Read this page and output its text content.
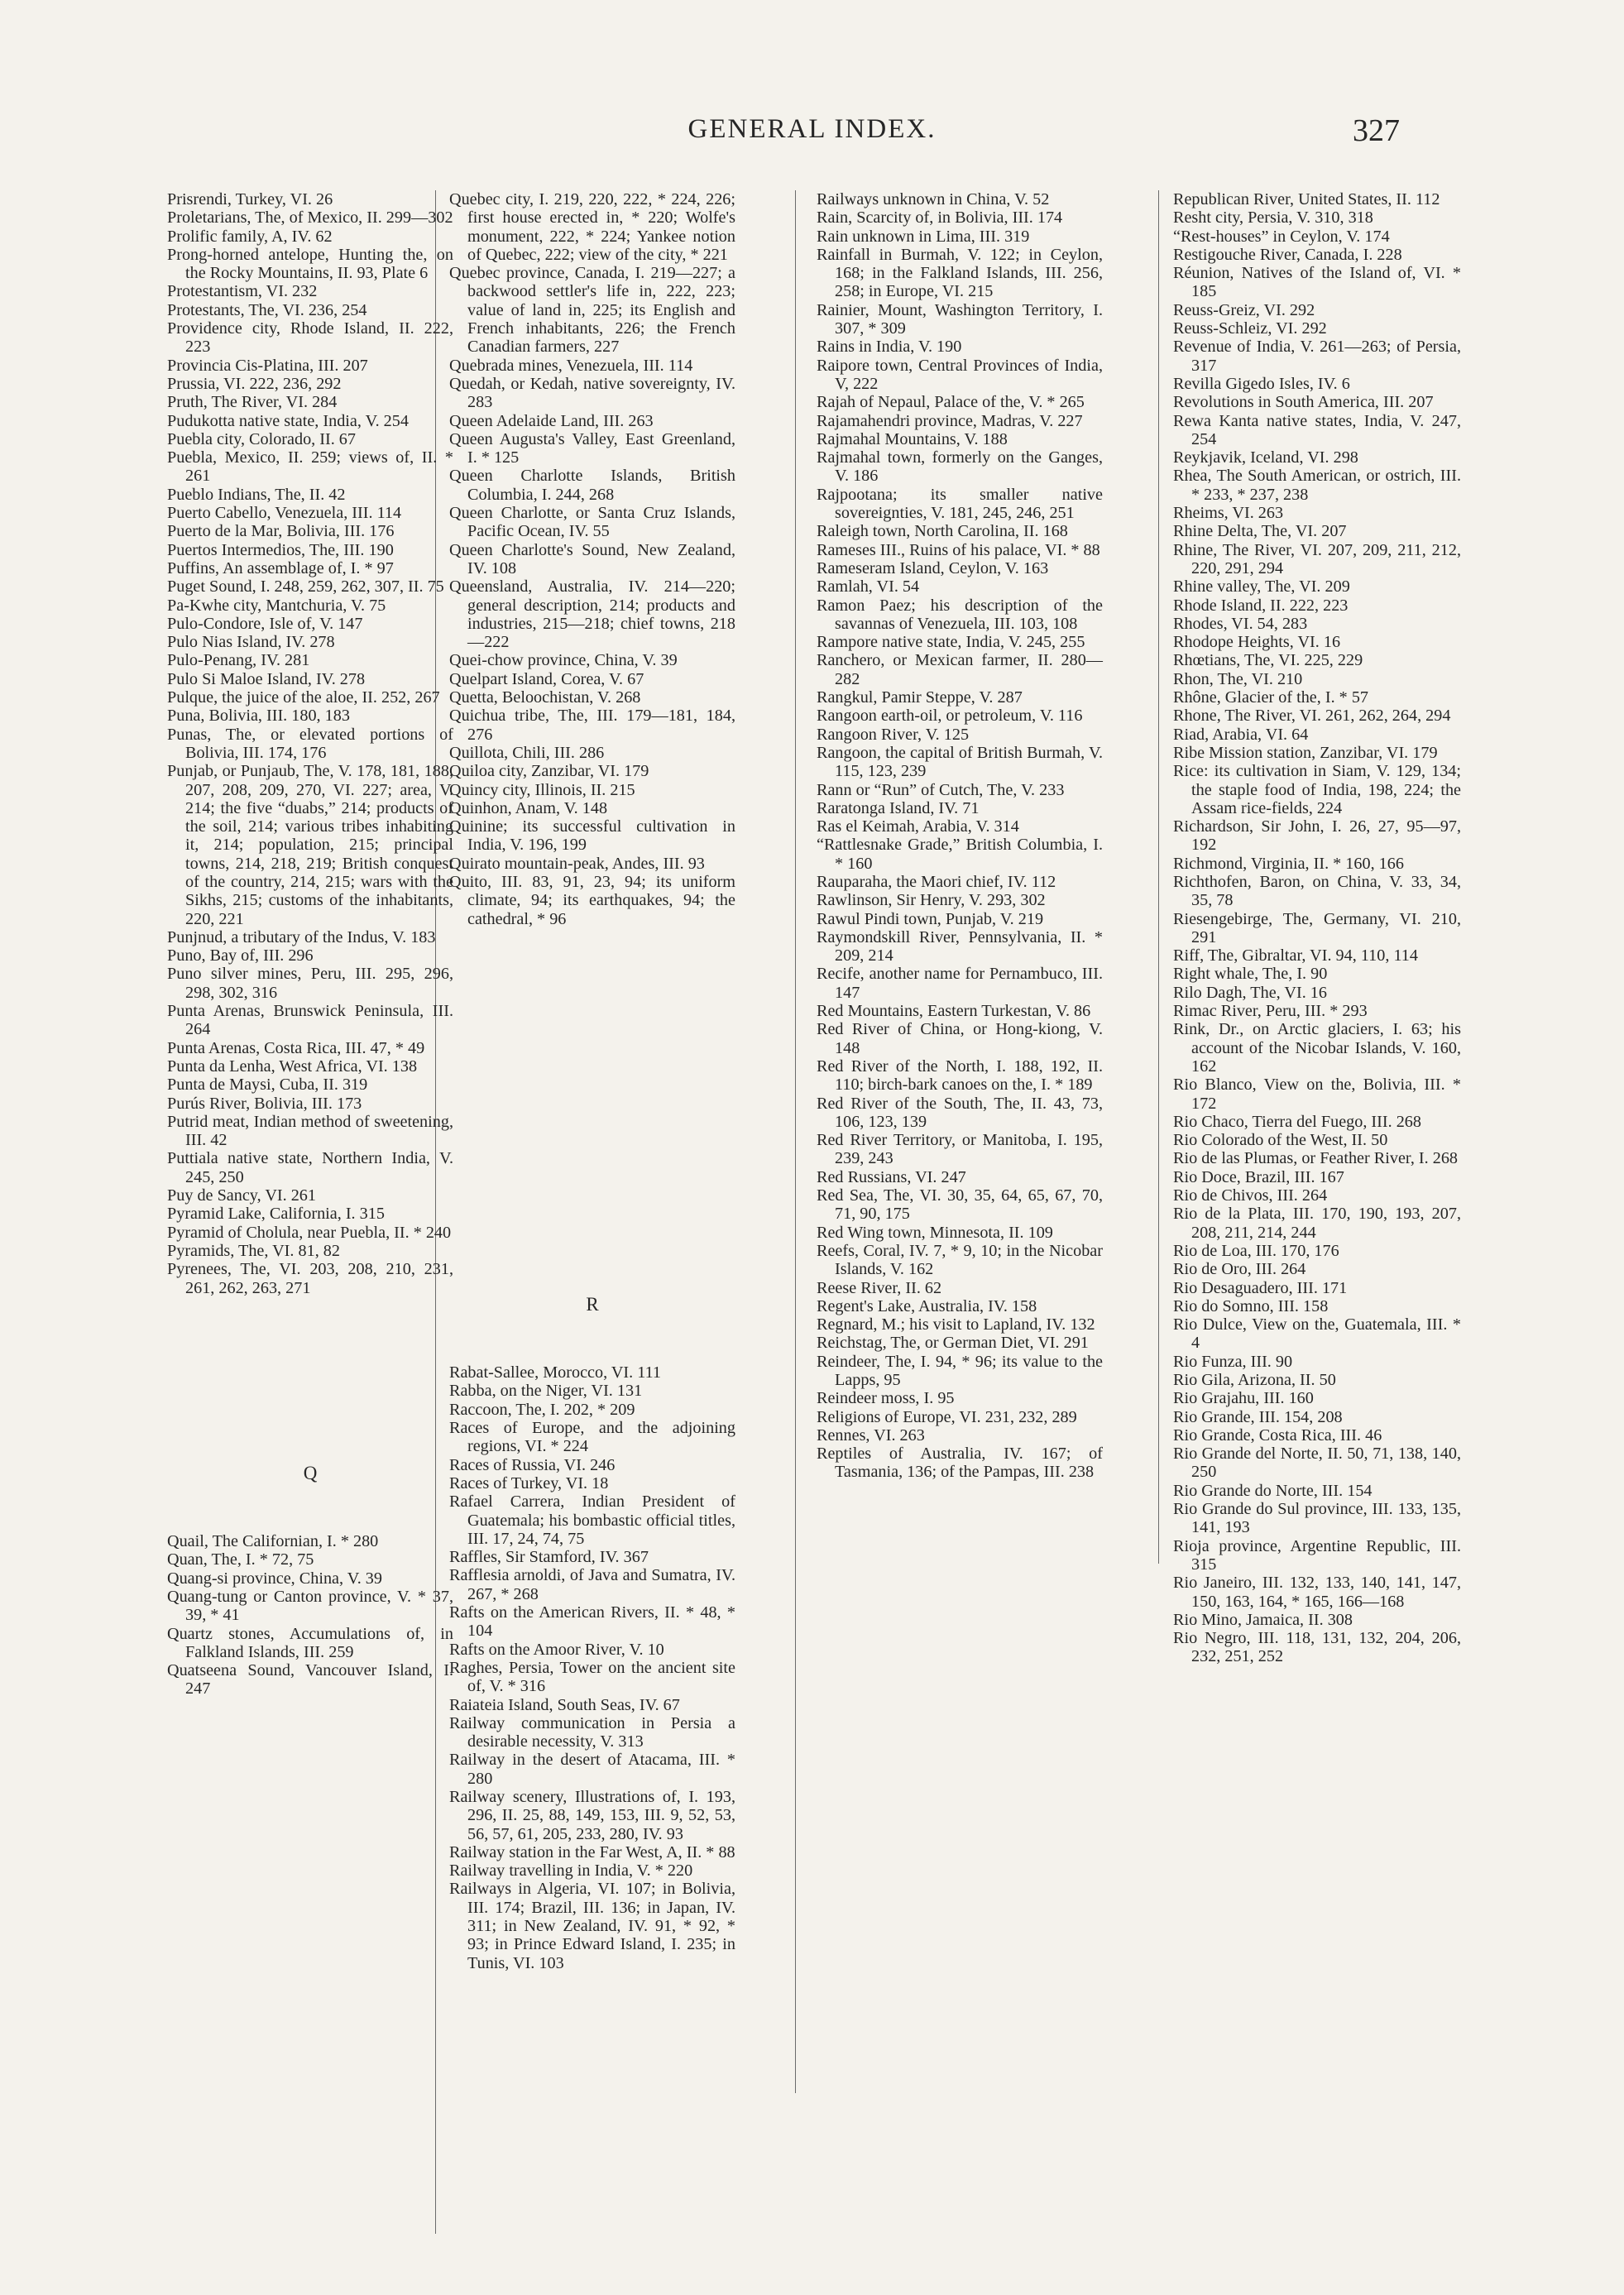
GENERAL INDEX.	327

Prisrendi, Turkey, VI. 26

Proletarians, The, of Mexico, II. 299—302

Prolific family, A, IV. 62

Prong-horned antelope, Hunting the, on the Rocky Mountains, II. 93, Plate 6

Protestantism, VI. 232

Protestants, The, VI. 236, 254

Providence city, Rhode Island, II. 222, 223

Provincia Cis-Platina, III. 207

Prussia, VI. 222, 236, 292

Pruth, The River, VI. 284

Pudukotta native state, India, V. 254

Puebla city, Colorado, II. 67

Puebla, Mexico, II. 259; views of, II. * 261

Pueblo Indians, The, II. 42

Puerto Cabello, Venezuela, III. 114

Puerto de la Mar, Bolivia, III. 176

Puertos Intermedios, The, III. 190

Puffins, An assemblage of, I. * 97

Puget Sound, I. 248, 259, 262, 307, II. 75

Pa-Kwhe city, Mantchuria, V. 75

Pulo-Condore, Isle of, V. 147

Pulo Nias Island, IV. 278

Pulo-Penang, IV. 281

Pulo Si Maloe Island, IV. 278

Pulque, the juice of the aloe, II. 252, 267

Puna, Bolivia, III. 180, 183

Punas, The, or elevated portions of Bolivia, III. 174, 176

Punjab, or Punjaub, The, V. 178, 181, 188, 207, 208, 209, 270, VI. 227; area, V. 214; the five “duabs,” 214; products of the soil, 214; various tribes inhabiting it, 214; population, 215; principal towns, 214, 218, 219; British conquest of the country, 214, 215; wars with the Sikhs, 215; customs of the inhabitants, 220, 221

Punjnud, a tributary of the Indus, V. 183

Puno, Bay of, III. 296

Puno silver mines, Peru, III. 295, 296, 298, 302, 316

Punta Arenas, Brunswick Peninsula, III. 264

Punta Arenas, Costa Rica, III. 47, * 49

Punta da Lenha, West Africa, VI. 138

Punta de Maysi, Cuba, II. 319

Purús River, Bolivia, III. 173

Putrid meat, Indian method of sweetening, III. 42

Puttiala native state, Northern India, V. 245, 250

Puy de Sancy, VI. 261

Pyramid Lake, California, I. 315

Pyramid of Cholula, near Puebla, II. * 240

Pyramids, The, VI. 81, 82

Pyrenees, The, VI. 203, 208, 210, 231, 261, 262, 263, 271

Q

Quail, The Californian, I. * 280

Quan, The, I. * 72, 75

Quang-si province, China, V. 39

Quang-tung or Canton province, V. * 37, 39, * 41

Quartz stones, Accumulations of, in Falkland Islands, III. 259

Quatseena Sound, Vancouver Island, I. 247

Quebec city, I. 219, 220, 222, * 224, 226; first house erected in, * 220; Wolfe's monument, 222, * 224; Yankee notion of Quebec, 222; view of the city, * 221

Quebec province, Canada, I. 219—227; a backwood settler's life in, 222, 223; value of land in, 225; its English and French inhabitants, 226; the French Canadian farmers, 227

Quebrada mines, Venezuela, III. 114

Quedah, or Kedah, native sovereignty, IV. 283

Queen Adelaide Land, III. 263

Queen Augusta's Valley, East Greenland, I. * 125

Queen Charlotte Islands, British Columbia, I. 244, 268

Queen Charlotte, or Santa Cruz Islands, Pacific Ocean, IV. 55

Queen Charlotte's Sound, New Zealand, IV. 108

Queensland, Australia, IV. 214—220; general description, 214; products and industries, 215—218; chief towns, 218—222

Quei-chow province, China, V. 39

Quelpart Island, Corea, V. 67

Quetta, Beloochistan, V. 268

Quichua tribe, The, III. 179—181, 184, 276

Quillota, Chili, III. 286

Quiloa city, Zanzibar, VI. 179

Quincy city, Illinois, II. 215

Quinhon, Anam, V. 148

Quinine; its successful cultivation in India, V. 196, 199

Quirato mountain-peak, Andes, III. 93

Quito, III. 83, 91, 23, 94; its uniform climate, 94; its earthquakes, 94; the cathedral, * 96

R

Rabat-Sallee, Morocco, VI. 111

Rabba, on the Niger, VI. 131

Raccoon, The, I. 202, * 209

Races of Europe, and the adjoining regions, VI. * 224

Races of Russia, VI. 246

Races of Turkey, VI. 18

Rafael Carrera, Indian President of Guatemala; his bombastic official titles, III. 17, 24, 74, 75

Raffles, Sir Stamford, IV. 367

Rafflesia arnoldi, of Java and Sumatra, IV. 267, * 268

Rafts on the American Rivers, II. * 48, * 104

Rafts on the Amoor River, V. 10

Raghes, Persia, Tower on the ancient site of, V. * 316

Raiateia Island, South Seas, IV. 67

Railway communication in Persia a desirable necessity, V. 313

Railway in the desert of Atacama, III. * 280

Railway scenery, Illustrations of, I. 193, 296, II. 25, 88, 149, 153, III. 9, 52, 53, 56, 57, 61, 205, 233, 280, IV. 93

Railway station in the Far West, A, II. * 88

Railway travelling in India, V. * 220

Railways in Algeria, VI. 107; in Bolivia, III. 174; Brazil, III. 136; in Japan, IV. 311; in New Zealand, IV. 91, * 92, * 93; in Prince Edward Island, I. 235; in Tunis, VI. 103

Railways unknown in China, V. 52

Rain, Scarcity of, in Bolivia, III. 174

Rain unknown in Lima, III. 319

Rainfall in Burmah, V. 122; in Ceylon, 168; in the Falkland Islands, III. 256, 258; in Europe, VI. 215

Rainier, Mount, Washington Territory, I. 307, * 309

Rains in India, V. 190

Raipore town, Central Provinces of India, V, 222

Rajah of Nepaul, Palace of the, V. * 265

Rajamahendri province, Madras, V. 227

Rajmahal Mountains, V. 188

Rajmahal town, formerly on the Ganges, V. 186

Rajpootana; its smaller native sovereignties, V. 181, 245, 246, 251

Raleigh town, North Carolina, II. 168

Rameses III., Ruins of his palace, VI. * 88

Rameseram Island, Ceylon, V. 163

Ramlah, VI. 54

Ramon Paez; his description of the savannas of Venezuela, III. 103, 108

Rampore native state, India, V. 245, 255

Ranchero, or Mexican farmer, II. 280—282

Rangkul, Pamir Steppe, V. 287

Rangoon earth-oil, or petroleum, V. 116

Rangoon River, V. 125

Rangoon, the capital of British Burmah, V. 115, 123, 239

Rann or “Run” of Cutch, The, V. 233

Raratonga Island, IV. 71

Ras el Keimah, Arabia, V. 314

“Rattlesnake Grade,” British Columbia, I. * 160

Rauparaha, the Maori chief, IV. 112

Rawlinson, Sir Henry, V. 293, 302

Rawul Pindi town, Punjab, V. 219

Raymondskill River, Pennsylvania, II. * 209, 214

Recife, another name for Pernambuco, III. 147

Red Mountains, Eastern Turkestan, V. 86

Red River of China, or Hong-kiong, V. 148

Red River of the North, I. 188, 192, II. 110; birch-bark canoes on the, I. * 189

Red River of the South, The, II. 43, 73, 106, 123, 139

Red River Territory, or Manitoba, I. 195, 239, 243

Red Russians, VI. 247

Red Sea, The, VI. 30, 35, 64, 65, 67, 70, 71, 90, 175

Red Wing town, Minnesota, II. 109

Reefs, Coral, IV. 7, * 9, 10; in the Nicobar Islands, V. 162

Reese River, II. 62

Regent's Lake, Australia, IV. 158

Regnard, M.; his visit to Lapland, IV. 132

Reichstag, The, or German Diet, VI. 291

Reindeer, The, I. 94, * 96; its value to the Lapps, 95

Reindeer moss, I. 95

Religions of Europe, VI. 231, 232, 289

Rennes, VI. 263

Reptiles of Australia, IV. 167; of Tasmania, 136; of the Pampas, III. 238

Republican River, United States, II. 112

Resht city, Persia, V. 310, 318

“Rest-houses” in Ceylon, V. 174

Restigouche River, Canada, I. 228

Réunion, Natives of the Island of, VI. * 185

Reuss-Greiz, VI. 292

Reuss-Schleiz, VI. 292

Revenue of India, V. 261—263; of Persia, 317

Revilla Gigedo Isles, IV. 6

Revolutions in South America, III. 207

Rewa Kanta native states, India, V. 247, 254

Reykjavik, Iceland, VI. 298

Rhea, The South American, or ostrich, III. * 233, * 237, 238

Rheims, VI. 263

Rhine Delta, The, VI. 207

Rhine, The River, VI. 207, 209, 211, 212, 220, 291, 294

Rhine valley, The, VI. 209

Rhode Island, II. 222, 223

Rhodes, VI. 54, 283

Rhodope Heights, VI. 16

Rhœtians, The, VI. 225, 229

Rhon, The, VI. 210

Rhône, Glacier of the, I. * 57

Rhone, The River, VI. 261, 262, 264, 294

Riad, Arabia, VI. 64

Ribe Mission station, Zanzibar, VI. 179

Rice: its cultivation in Siam, V. 129, 134; the staple food of India, 198, 224; the Assam rice-fields, 224

Richardson, Sir John, I. 26, 27, 95—97, 192

Richmond, Virginia, II. * 160, 166

Richthofen, Baron, on China, V. 33, 34, 35, 78

Riesengebirge, The, Germany, VI. 210, 291

Riff, The, Gibraltar, VI. 94, 110, 114

Right whale, The, I. 90

Rilo Dagh, The, VI. 16

Rimac River, Peru, III. * 293

Rink, Dr., on Arctic glaciers, I. 63; his account of the Nicobar Islands, V. 160, 162

Rio Blanco, View on the, Bolivia, III. * 172

Rio Chaco, Tierra del Fuego, III. 268

Rio Colorado of the West, II. 50

Rio de las Plumas, or Feather River, I. 268

Rio Doce, Brazil, III. 167

Rio de Chivos, III. 264

Rio de la Plata, III. 170, 190, 193, 207, 208, 211, 214, 244

Rio de Loa, III. 170, 176

Rio de Oro, III. 264

Rio Desaguadero, III. 171

Rio do Somno, III. 158

Rio Dulce, View on the, Guatemala, III. * 4

Rio Funza, III. 90

Rio Gila, Arizona, II. 50

Rio Grajahu, III. 160

Rio Grande, III. 154, 208

Rio Grande, Costa Rica, III. 46

Rio Grande del Norte, II. 50, 71, 138, 140, 250

Rio Grande do Norte, III. 154

Rio Grande do Sul province, III. 133, 135, 141, 193

Rioja province, Argentine Republic, III. 315

Rio Janeiro, III. 132, 133, 140, 141, 147, 150, 163, 164, * 165, 166—168

Rio Mino, Jamaica, II. 308

Rio Negro, III. 118, 131, 132, 204, 206, 232, 251, 252
